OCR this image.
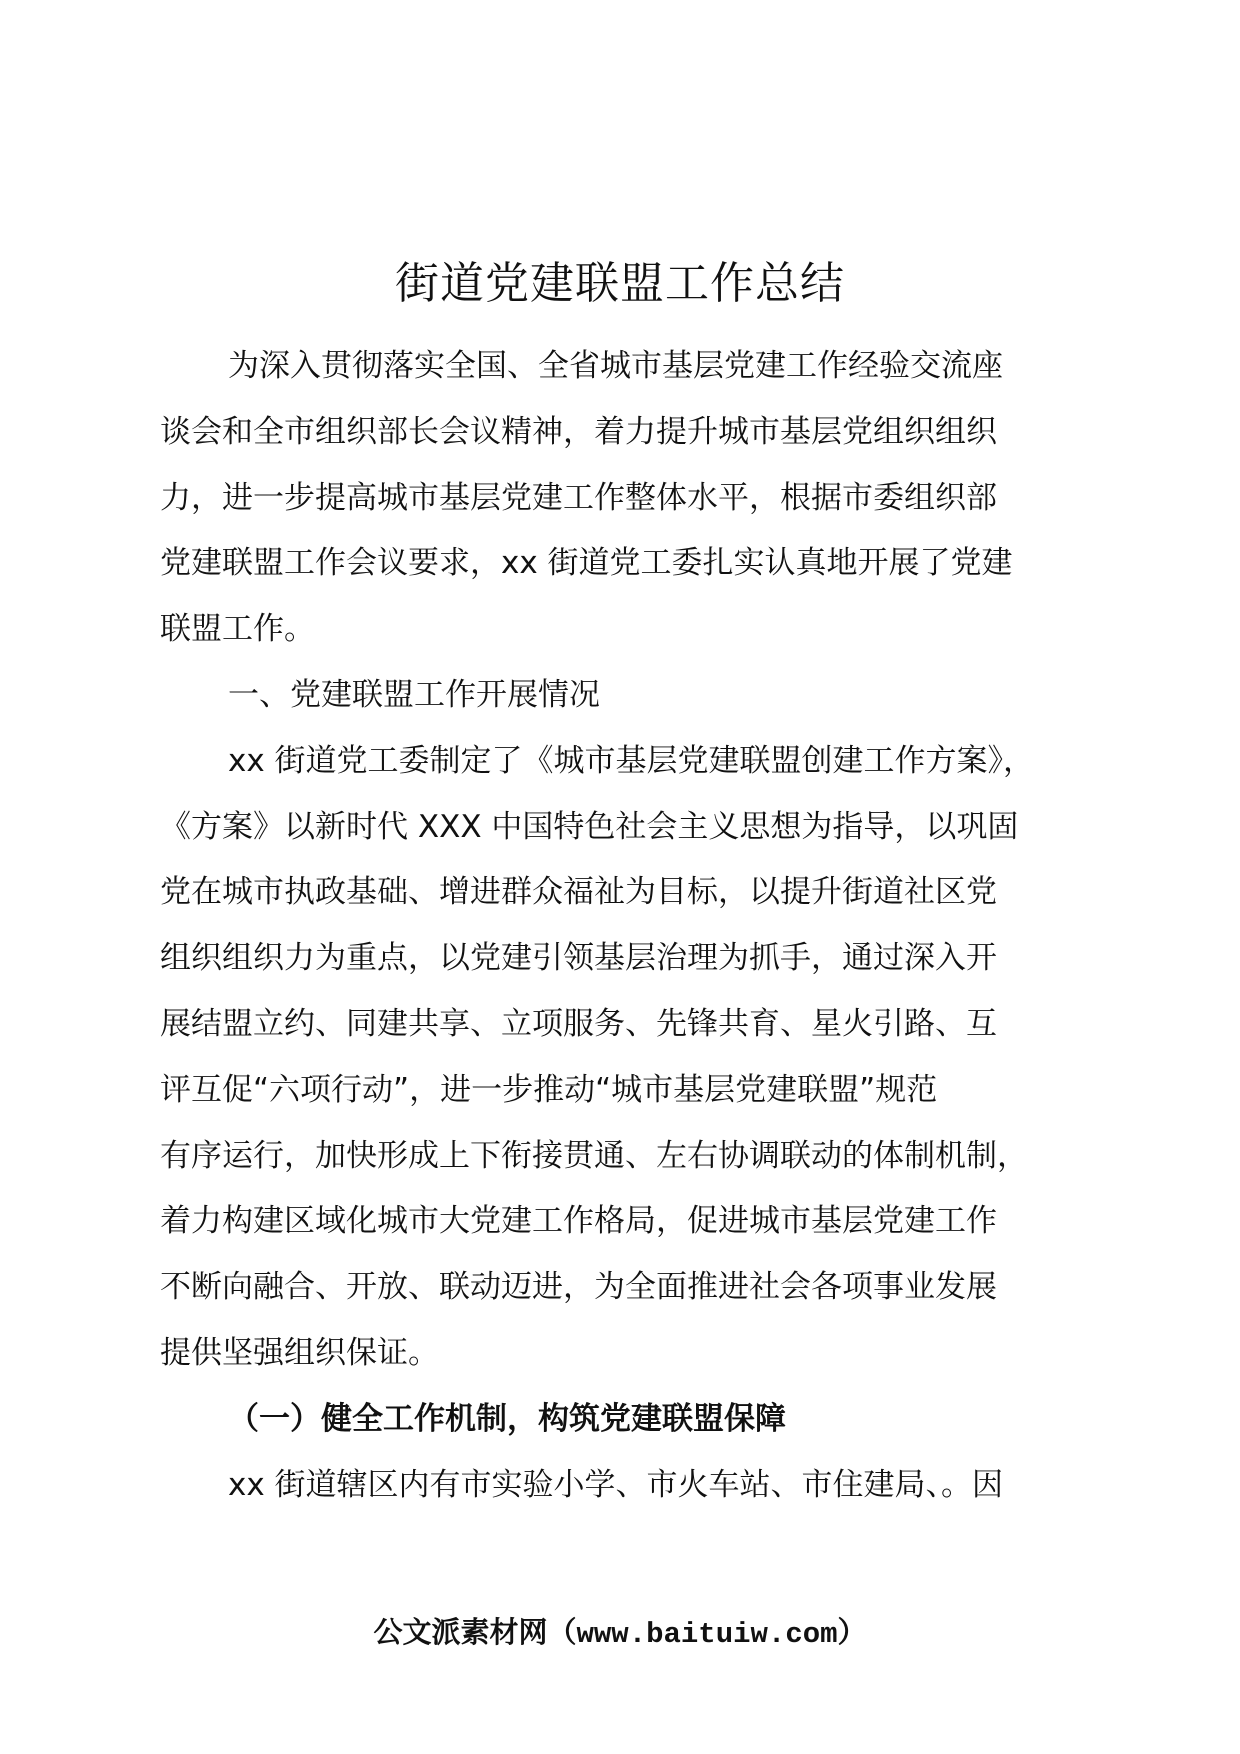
街道党建联盟工作总结
为深入贯彻落实全国、全省城市基层党建工作经验交流座
谈会和全市组织部长会议精神，着力提升城市基层党组织组织
力，进一步提高城市基层党建工作整体水平，根据市委组织部
党建联盟工作会议要求，xx 街道党工委扎实认真地开展了党建
联盟工作。
一、党建联盟工作开展情况
xx 街道党工委制定了《城市基层党建联盟创建工作方案》，
《方案》以新时代 XXX 中国特色社会主义思想为指导，以巩固
党在城市执政基础、增进群众福祉为目标，以提升街道社区党
组织组织力为重点，以党建引领基层治理为抓手，通过深入开
展结盟立约、同建共享、立项服务、先锋共育、星火引路、互
评互促“六项行动”，进一步推动“城市基层党建联盟”规范
有序运行，加快形成上下衔接贯通、左右协调联动的体制机制，
着力构建区域化城市大党建工作格局，促进城市基层党建工作
不断向融合、开放、联动迈进，为全面推进社会各项事业发展
提供坚强组织保证。
（一）健全工作机制，构筑党建联盟保障
xx 街道辖区内有市实验小学、市火车站、市住建局、。因
公文派素材网（www.baituiw.com）
